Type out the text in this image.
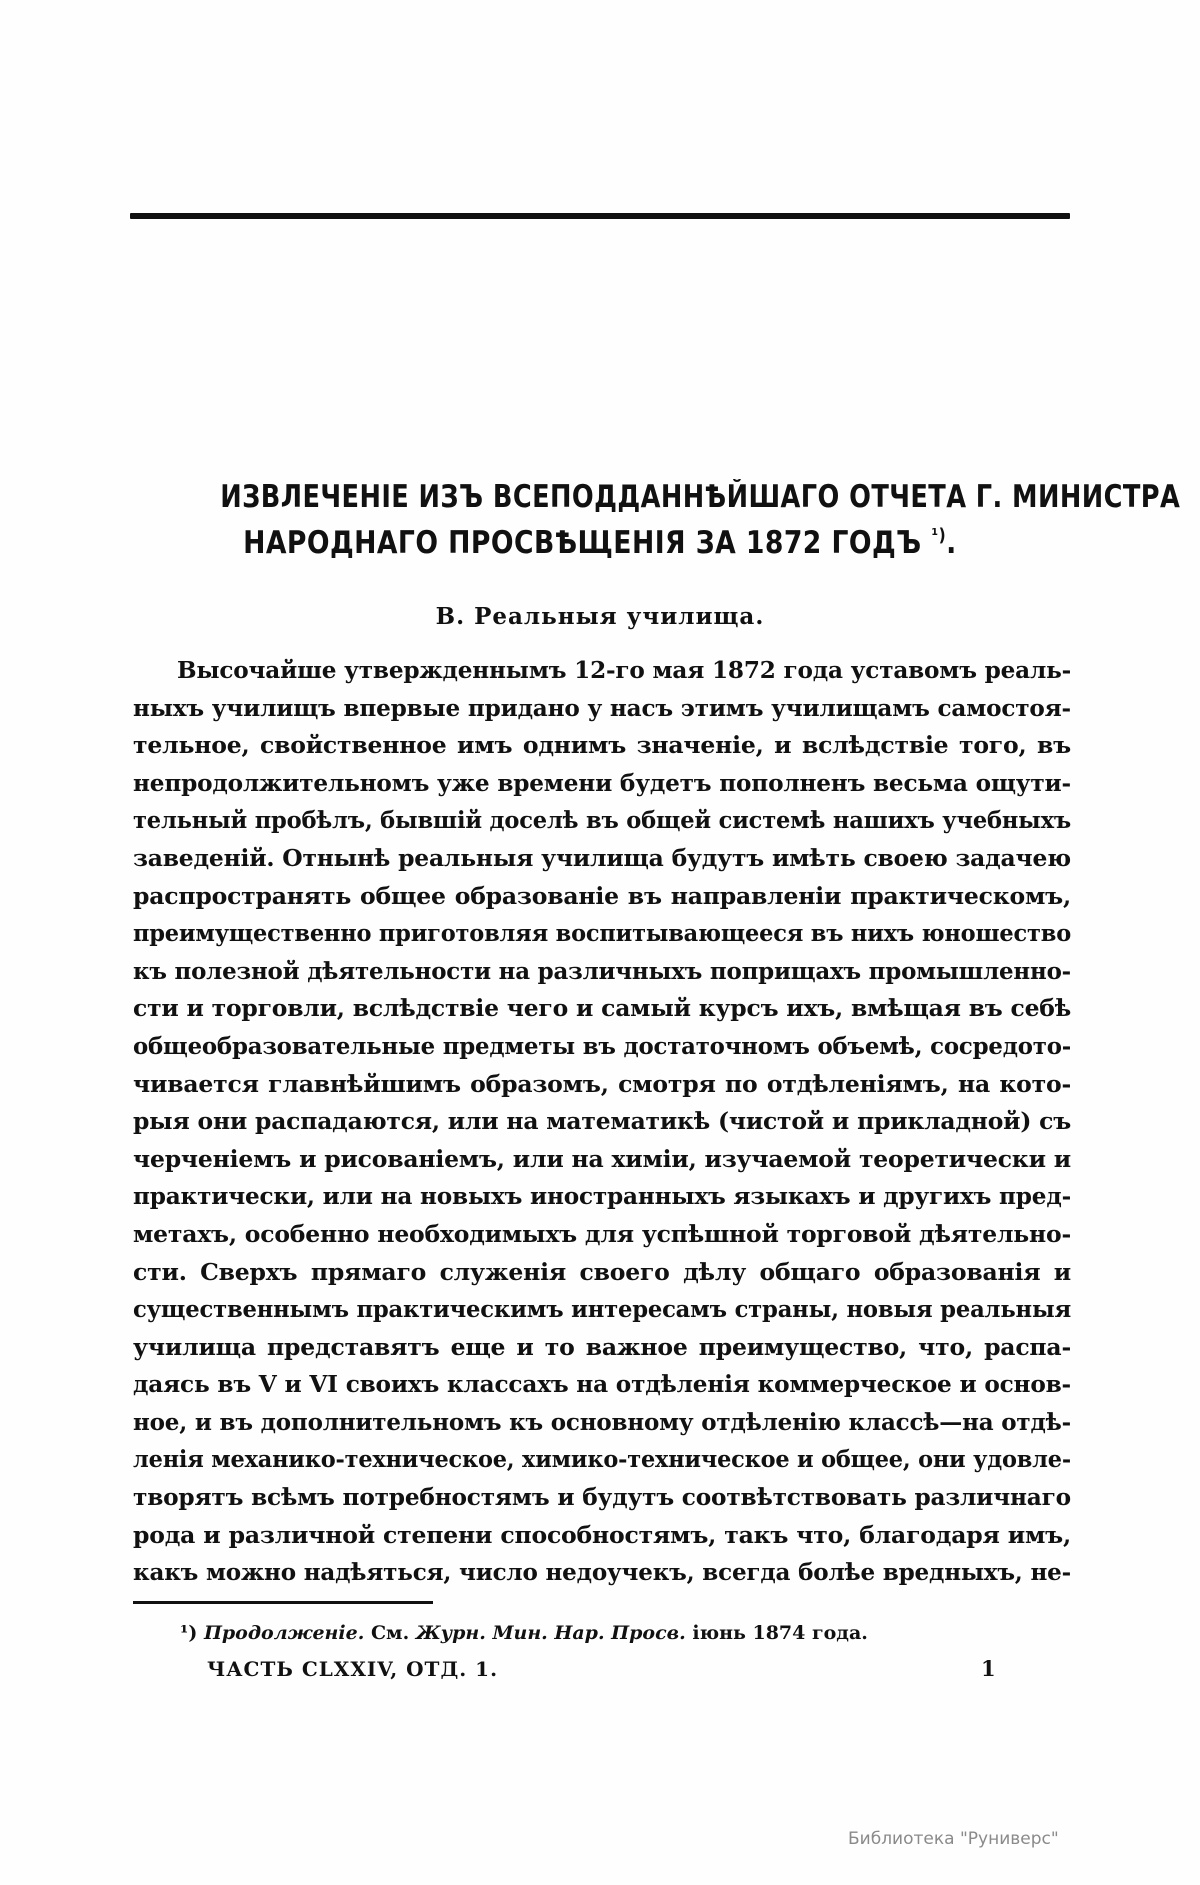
ИЗВЛЕЧЕНІЕ ИЗЪ ВСЕПОДДАННѢЙШАГО ОТЧЕТА Г. МИНИСТРА
НАРОДНАГО ПРОСВѢЩЕНІЯ ЗА 1872 ГОДЪ $^{^1)}$.
В. Реальныя училища.
Высочайше утвержденнымъ 12-го мая 1872 года уставомъ реаль-
ныхъ училищъ впервые придано у насъ этимъ училищамъ самостоя-
тельное, свойственное имъ однимъ значеніе, и вслѣдствіе того, въ
непродолжительномъ уже времени будетъ пополненъ весьма ощути-
тельный пробѣлъ, бывшій доселѣ въ общей системѣ нашихъ учебныхъ
заведеній. Отнынѣ реальныя училища будутъ имѣть своею задачею
распространять общее образованіе въ направленіи практическомъ,
преимущественно приготовляя воспитывающееся въ нихъ юношество
къ полезной дѣятельности на различныхъ поприщахъ промышленно-
сти и торговли, вслѣдствіе чего и самый курсъ ихъ, вмѣщая въ себѣ
общеобразовательные предметы въ достаточномъ объемѣ, сосредото-
чивается главнѣйшимъ образомъ, смотря по отдѣленіямъ, на кото-
рыя они распадаются, или на математикѣ (чистой и прикладной) съ
черченіемъ и рисованіемъ, или на химіи, изучаемой теоретически и
практически, или на новыхъ иностранныхъ языкахъ и другихъ пред-
метахъ, особенно необходимыхъ для успѣшной торговой дѣятельно-
сти. Сверхъ прямаго служенія своего дѣлу общаго образованія и
существеннымъ практическимъ интересамъ страны, новыя реальныя
училища представятъ еще и то важное преимущество, что, распа-
даясь въ V и VI своихъ классахъ на отдѣленія коммерческое и основ-
ное, и въ дополнительномъ къ основному отдѣленію классѣ—на отдѣ-
ленія механико-техническое, химико-техническое и общее, они удовле-
творятъ всѣмъ потребностямъ и будутъ соотвѣтствовать различнаго
рода и различной степени способностямъ, такъ что, благодаря имъ,
какъ можно надѣяться, число недоучекъ, всегда болѣе вредныхъ, не-
¹) Продолженіе. См. Журн. Мин. Нар. Просв. іюнь 1874 года.
ЧАСТЬ CLXXIV, ОТД. 1.	1
Библиотека "Руниверс"
